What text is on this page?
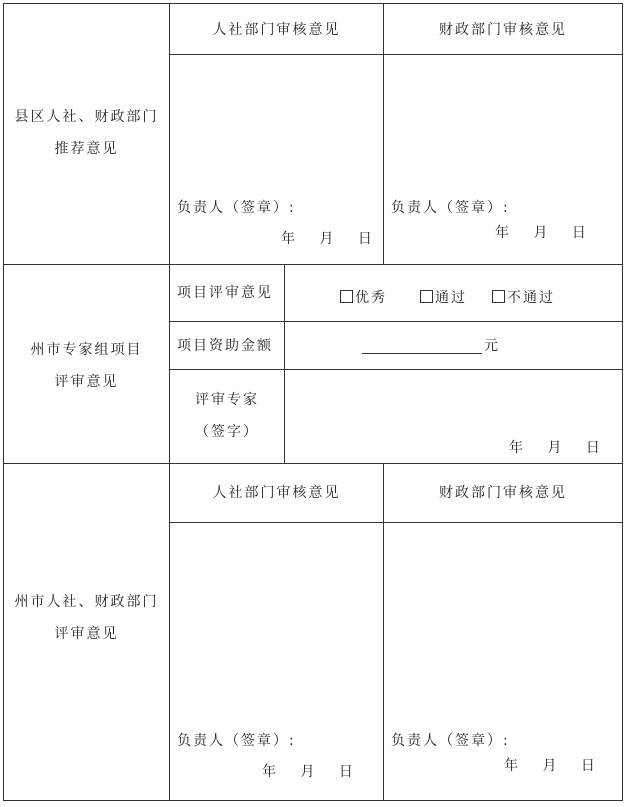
县区人社、财政部门
推荐意见
人社部门审核意见	财政部门审核意见
负责人（签章）:
年　 月　 日
负责人（签章）:
年　 月　 日
州市专家组项目
评审意见
项目评审意见	优秀	通过	不通过
项目资助金额	元
评审专家
（签字）
年　 月　 日
州市人社、财政部门
评审意见
人社部门审核意见	财政部门审核意见
负责人（签章）:
年　 月　 日
负责人（签章）:
年　 月　 日
